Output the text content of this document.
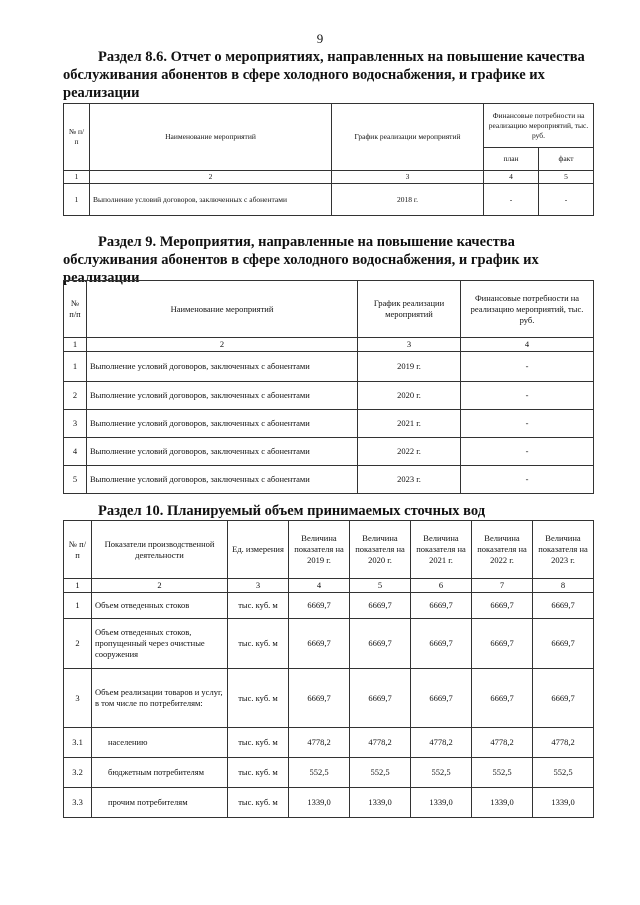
9
Раздел 8.6. Отчет о мероприятиях, направленных на повышение качества
обслуживания абонентов в сфере холодного водоснабжения, и графике их
реализации
№ п/п	Наименование мероприятий	График реализации мероприятий	Финансовые потребности на реализацию мероприятий, тыс. руб.	
			план	факт
1	2	3	4	5
1	Выполнение условий договоров, заключенных с абонентами	2018 г.	-	-
Раздел 9. Мероприятия, направленные на повышение качества
обслуживания абонентов в сфере холодного водоснабжения, и график их
реализации
№ п/п	Наименование мероприятий	График реализации мероприятий	Финансовые потребности на реализацию мероприятий, тыс. руб.
1	2	3	4
1	Выполнение условий договоров, заключенных с абонентами	2019 г.	-
2	Выполнение условий договоров, заключенных с абонентами	2020 г.	-
3	Выполнение условий договоров, заключенных с абонентами	2021 г.	-
4	Выполнение условий договоров, заключенных с абонентами	2022 г.	-
5	Выполнение условий договоров, заключенных с абонентами	2023 г.	-
Раздел 10. Планируемый объем принимаемых сточных вод
№ п/п	Показатели производственной деятельности	Ед. измерения	Величина показателя на 2019 г.	Величина показателя на 2020 г.	Величина показателя на 2021 г.	Величина показателя на 2022 г.	Величина показателя на 2023 г.
1	2	3	4	5	6	7	8
1	Объем отведенных стоков	тыс. куб. м	6669,7	6669,7	6669,7	6669,7	6669,7
2	Объем отведенных стоков, пропущенный через очистные сооружения	тыс. куб. м	6669,7	6669,7	6669,7	6669,7	6669,7
3	Объем реализации товаров и услуг, в том числе по потребителям:	тыс. куб. м	6669,7	6669,7	6669,7	6669,7	6669,7
3.1	населению	тыс. куб. м	4778,2	4778,2	4778,2	4778,2	4778,2
3.2	бюджетным потребителям	тыс. куб. м	552,5	552,5	552,5	552,5	552,5
3.3	прочим потребителям	тыс. куб. м	1339,0	1339,0	1339,0	1339,0	1339,0
